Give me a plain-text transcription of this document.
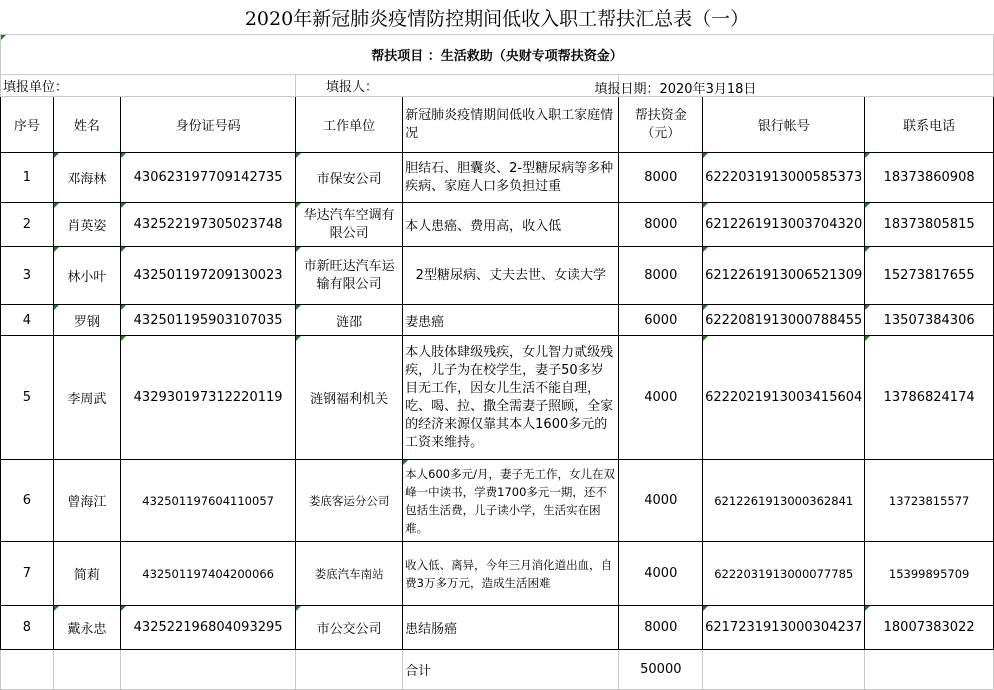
2020年新冠肺炎疫情防控期间低收入职工帮扶汇总表（一）							
帮扶项目 ：生活救助（央财专项帮扶资金）							
填报单位：			填报人：		填报日期：2020年3月18日		

序号	姓名	身份证号码	工作单位	新冠肺炎疫情期间低收入职工家庭情况	帮扶资金（元）	银行帐号	联系电话
1	邓海林	430623197709142735	市保安公司	胆结石、胆囊炎、2-型糖尿病等多种疾病、家庭人口多负担过重	8000	6222031913000585373	18373860908
2	肖英姿	432522197305023748	华达汽车空调有限公司	本人患癌、费用高，收入低	8000	6212261913003704320	18373805815
3	林小叶	432501197209130023	市新旺达汽车运输有限公司	2型糖尿病、丈夫去世、女读大学	8000	6212261913006521309	15273817655
4	罗钢	432501195903107035	涟邵	妻患癌	6000	6222081913000788455	13507384306
5	李周武	432930197312220119	涟钢福利机关	本人肢体肆级残疾，女儿智力贰级残疾，儿子为在校学生，妻子50多岁目无工作，因女儿生活不能自理，吃、喝、拉、撒全需妻子照顾，全家的经济来源仅靠其本人1600多元的工资来维持。	4000	6222021913003415604	13786824174
6	曾海江	432501197604110057	娄底客运分公司	本人600多元/月，妻子无工作，女儿在双峰一中读书，学费1700多元一期，还不包括生活费，儿子读小学，生活实在困难。	4000	6212261913000362841	13723815577
7	简莉	432501197404200066	娄底汽车南站	收入低、离异，今年三月消化道出血，自费3万多万元，造成生活困难	4000	6222031913000077785	15399895709
8	戴永忠	432522196804093295	市公交公司	患结肠癌	8000	6217231913000304237	18007383022
				合计	50000		
